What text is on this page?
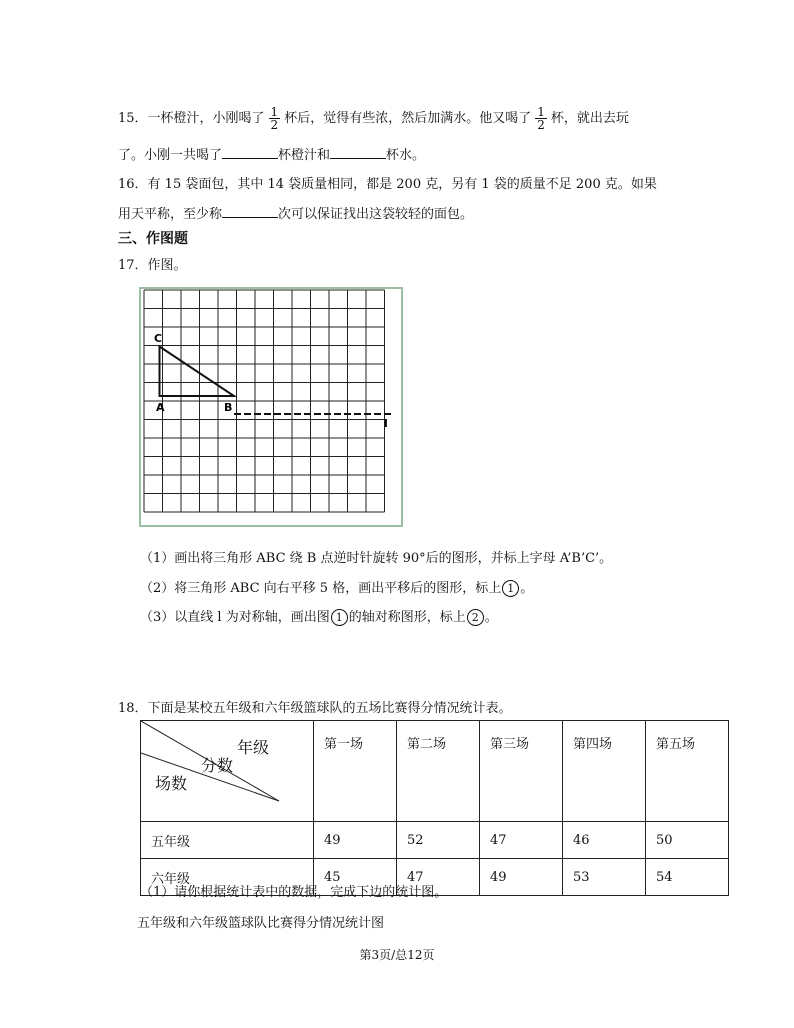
15．一杯橙汁，小刚喝了 $\frac{1}{2}$ 杯后，觉得有些浓，然后加满水。他又喝了 $\frac{1}{2}$ 杯，就出去玩
了。小刚一共喝了	杯橙汁和	杯水。
16．有 15 袋面包，其中 14 袋质量相同，都是 200 克，另有 1 袋的质量不足 200 克。如果
用天平称，至少称	次可以保证找出这袋较轻的面包。
三、作图题
17．作图。
C
A	B
l
（1）画出将三角形 ABC 绕 B 点逆时针旋转 90°后的图形，并标上字母 A’B’C’。
（2）将三角形 ABC 向右平移 5 格，画出平移后的图形，标上 1 。
（3）以直线 l 为对称轴，画出图 1 的轴对称图形，标上 2 。
18．下面是某校五年级和六年级篮球队的五场比赛得分情况统计表。
年级
分数
场数	第一场	第二场	第三场	第四场	第五场
五年级	49	52	47	46	50
六年级	45	47	49	53	54
（1）请你根据统计表中的数据，完成下边的统计图。
五年级和六年级篮球队比赛得分情况统计图
第3页/总12页
